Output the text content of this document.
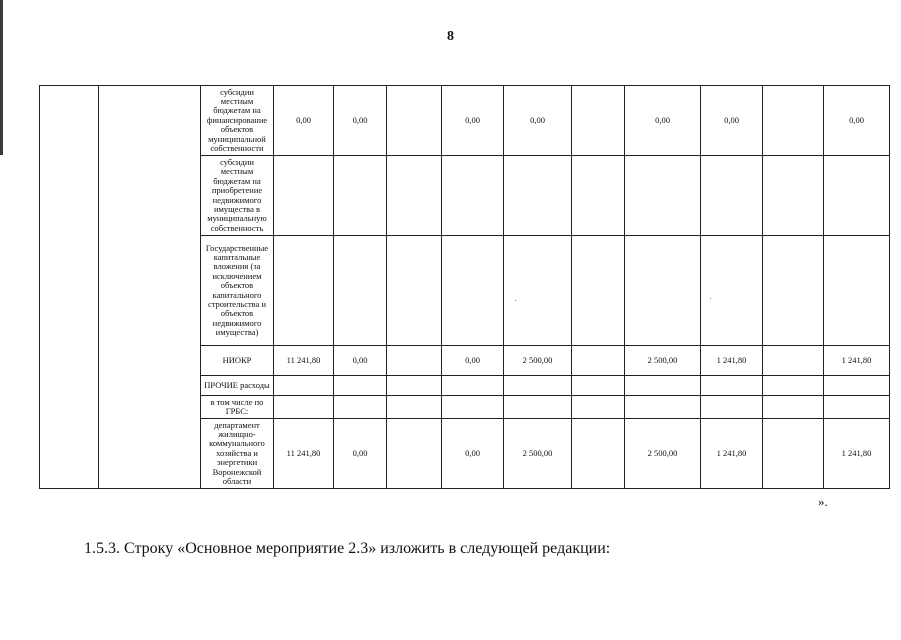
8
		субсидии местным бюджетам на финансирование объектов муниципальной собственности	0,00	0,00		0,00	0,00		0,00	0,00		0,00
		субсидии местным бюджетам на приобретение недвижимого имущества в муниципальную собственность										
		Государственные капитальные вложения (за исключением объектов капитального строительства и объектов недвижимого имущества)										
		НИОКР	11 241,80	0,00		0,00	2 500,00		2 500,00	1 241,80		1 241,80
		ПРОЧИЕ расходы										
		в том числе по ГРБС:										
		департамент жилищно-коммунального хозяйства и энергетики Воронежской области	11 241,80	0,00		0,00	2 500,00		2 500,00	1 241,80		1 241,80
».
1.5.3. Строку «Основное мероприятие 2.3» изложить в следующей редакции:
